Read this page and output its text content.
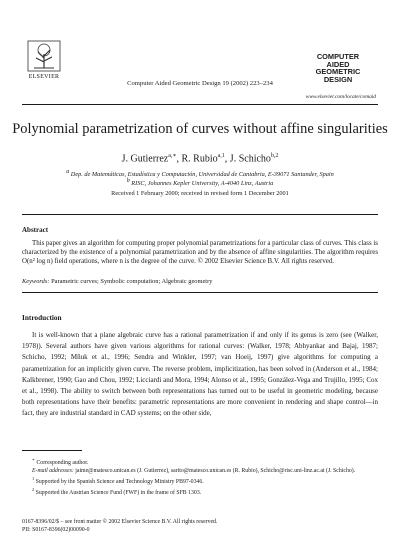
ELSEVIER
Computer Aided Geometric Design 19 (2002) 223–234
COMPUTER
AIDED
GEOMETRIC
DESIGN
www.elsevier.com/locate/comaid
Polynomial parametrization of curves without affine singularities
J. Gutierrez$^{a,∗}$, R. Rubio$^{a,1}$, J. Schicho$^{b,2}$
$^a$ Dep. de Matemáticas, Estadística y Computación, Universidad de Cantabria, E-39071 Santander, Spain
$^b$ RISC, Johannes Kepler University, A-4040 Linz, Austria
Received 1 February 2000; received in revised form 1 December 2001
Abstract
This paper gives an algorithm for computing proper polynomial parametrizations for a particular class of curves. This class is characterized by the existence of a polynomial parametrization and by the absence of affine singularities. The algorithm requires O(n² log n) field operations, where n is the degree of the curve. © 2002 Elsevier Science B.V. All rights reserved.
Keywords: Parametric curves; Symbolic computation; Algebraic geometry
Introduction
It is well-known that a plane algebraic curve has a rational parametrization if and only if its genus is zero (see (Walker, 1978)). Several authors have given various algorithms for rational curves: (Walker, 1978; Abhyankar and Bajaj, 1987; Schicho, 1992; Mňuk et al., 1996; Sendra and Winkler, 1997; van Hoeij, 1997) give algorithms for computing a parametrization for an implicitly given curve. The reverse problem, implicitization, has been solved in (Anderson et al., 1984; Kalkbrener, 1990; Gao and Chou, 1992; Licciardi and Mora, 1994; Alonso et al., 1995; González-Vega and Trujillo, 1995; Cox et al., 1998). The ability to switch between both representations has turned out to be useful in geometric modeling, because both representations have their benefits: parametric representations are more convenient in rendering and shape control—in fact, they are industrial standard in CAD systems; on the other side,
∗ Corresponding author.
E-mail addresses: jaime@matesco.unican.es (J. Gutierrez), sarito@matesco.unican.es (R. Rubio), Schicho@risc.uni-linz.ac.at (J. Schicho).
$^1$ Supported by the Spanish Science and Technology Ministry PB97-0346.
$^2$ Supported the Austrian Science Fund (FWF) in the frame of SFB 1303.
0167-8396/02/$ – see front matter © 2002 Elsevier Science B.V. All rights reserved.
PII: S0167-8396(02)00090-0
